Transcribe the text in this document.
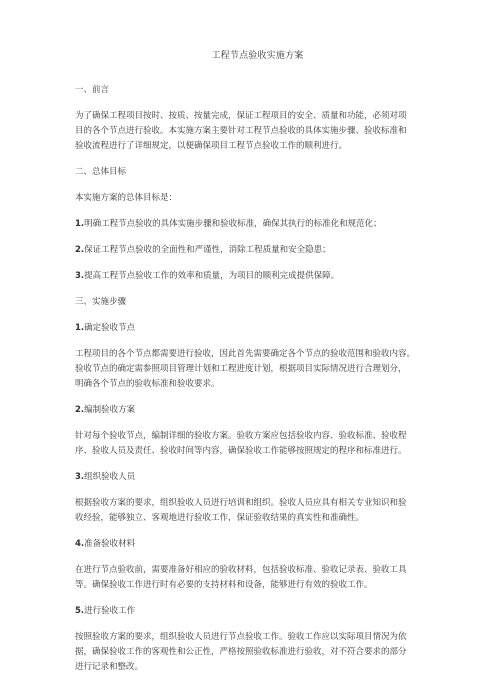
工程节点验收实施方案
一、前言
为了确保工程项目按时、按质、按量完成，保证工程项目的安全、质量和功能，必须对项
目的各个节点进行验收。本实施方案主要针对工程节点验收的具体实施步骤、验收标准和
验收流程进行了详细规定，以便确保项目工程节点验收工作的顺利进行。
二、总体目标
本实施方案的总体目标是：
1.明确工程节点验收的具体实施步骤和验收标准，确保其执行的标准化和规范化；
2.保证工程节点验收的全面性和严谨性，消除工程质量和安全隐患；
3.提高工程节点验收工作的效率和质量，为项目的顺利完成提供保障。
三、实施步骤
1.确定验收节点
工程项目的各个节点都需要进行验收，因此首先需要确定各个节点的验收范围和验收内容。
验收节点的确定需参照项目管理计划和工程进度计划，根据项目实际情况进行合理划分，
明确各个节点的验收标准和验收要求。
2.编制验收方案
针对每个验收节点，编制详细的验收方案。验收方案应包括验收内容、验收标准、验收程
序、验收人员及责任、验收时间等内容，确保验收工作能够按照规定的程序和标准进行。
3.组织验收人员
根据验收方案的要求，组织验收人员进行培训和组织。验收人员应具有相关专业知识和验
收经验，能够独立、客观地进行验收工作，保证验收结果的真实性和准确性。
4.准备验收材料
在进行节点验收前，需要准备好相应的验收材料，包括验收标准、验收记录表、验收工具
等。确保验收工作进行时有必要的支持材料和设备，能够进行有效的验收工作。
5.进行验收工作
按照验收方案的要求，组织验收人员进行节点验收工作。验收工作应以实际项目情况为依
据，确保验收工作的客观性和公正性，严格按照验收标准进行验收，对不符合要求的部分
进行记录和整改。
